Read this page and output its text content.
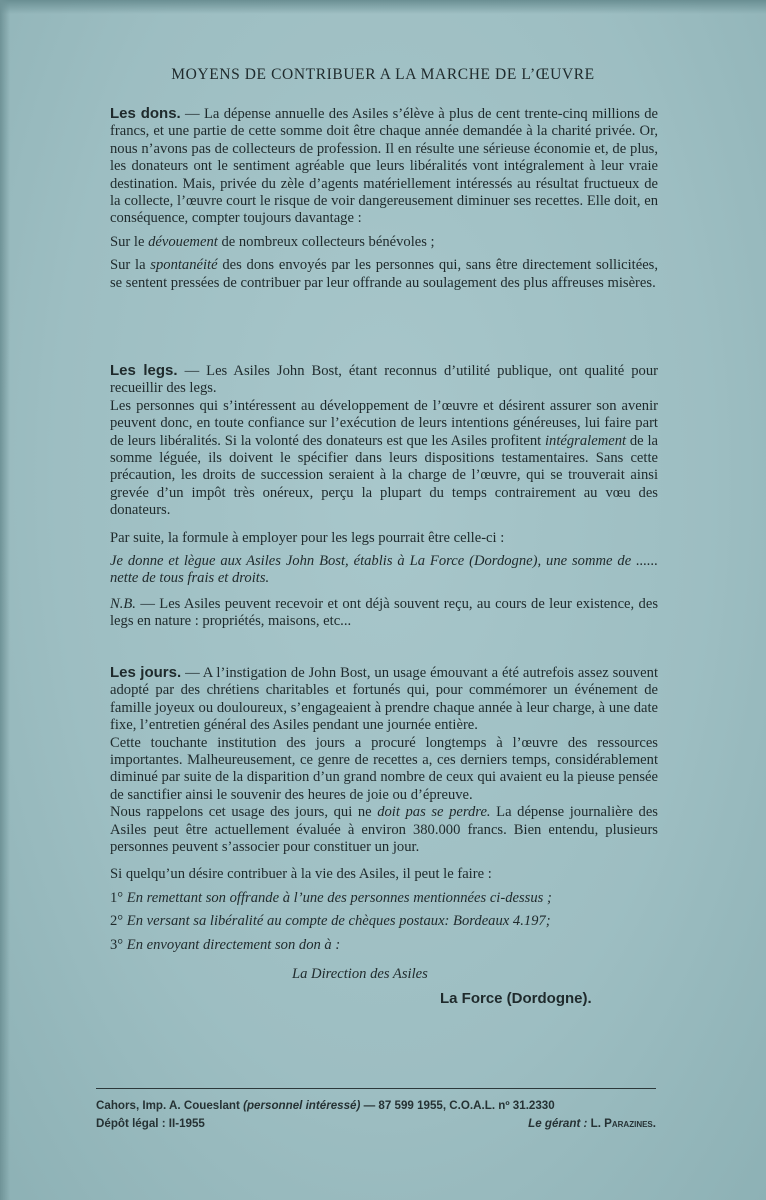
MOYENS DE CONTRIBUER A LA MARCHE DE L’ŒUVRE

Les dons. — La dépense annuelle des Asiles s’élève à plus de cent trente-cinq millions de francs, et une partie de cette somme doit être chaque année demandée à la charité privée. Or, nous n’avons pas de collecteurs de profession. Il en résulte une sérieuse économie et, de plus, les donateurs ont le sentiment agréable que leurs libéralités vont intégralement à leur vraie destination. Mais, privée du zèle d’agents matériellement intéressés au résultat fructueux de la collecte, l’œuvre court le risque de voir dangereusement diminuer ses recettes. Elle doit, en conséquence, compter toujours davantage :

Sur le dévouement de nombreux collecteurs bénévoles ;

Sur la spontanéité des dons envoyés par les personnes qui, sans être directement sollicitées, se sentent pressées de contribuer par leur offrande au soulagement des plus affreuses misères.

Les legs. — Les Asiles John Bost, étant reconnus d’utilité publique, ont qualité pour recueillir des legs.

Les personnes qui s’intéressent au développement de l’œuvre et désirent assurer son avenir peuvent donc, en toute confiance sur l’exécution de leurs intentions généreuses, lui faire part de leurs libéralités. Si la volonté des donateurs est que les Asiles profitent intégralement de la somme léguée, ils doivent le spécifier dans leurs dispositions testamentaires. Sans cette précaution, les droits de succession seraient à la charge de l’œuvre, qui se trouverait ainsi grevée d’un impôt très onéreux, perçu la plupart du temps contrairement au vœu des donateurs.

Par suite, la formule à employer pour les legs pourrait être celle-ci :

Je donne et lègue aux Asiles John Bost, établis à La Force (Dordogne), une somme de ...... nette de tous frais et droits.

N.B. — Les Asiles peuvent recevoir et ont déjà souvent reçu, au cours de leur existence, des legs en nature : propriétés, maisons, etc...

Les jours. — A l’instigation de John Bost, un usage émouvant a été autrefois assez souvent adopté par des chrétiens charitables et fortunés qui, pour commémorer un événement de famille joyeux ou douloureux, s’engageaient à prendre chaque année à leur charge, à une date fixe, l’entretien général des Asiles pendant une journée entière.

Cette touchante institution des jours a procuré longtemps à l’œuvre des ressources importantes. Malheureusement, ce genre de recettes a, ces derniers temps, considérablement diminué par suite de la disparition d’un grand nombre de ceux qui avaient eu la pieuse pensée de sanctifier ainsi le souvenir des heures de joie ou d’épreuve.

Nous rappelons cet usage des jours, qui ne doit pas se perdre. La dépense journalière des Asiles peut être actuellement évaluée à environ 380.000 francs. Bien entendu, plusieurs personnes peuvent s’associer pour constituer un jour.

Si quelqu’un désire contribuer à la vie des Asiles, il peut le faire :

1° En remettant son offrande à l’une des personnes mentionnées ci-dessus ;

2° En versant sa libéralité au compte de chèques postaux: Bordeaux 4.197;

3° En envoyant directement son don à :

La Direction des Asiles

La Force (Dordogne).

Cahors, Imp. A. Coueslant (personnel intéressé) — 87 599 1955, C.O.A.L. nº 31.2330
Dépôt légal : II-1955	Le gérant : L. Parazines.
